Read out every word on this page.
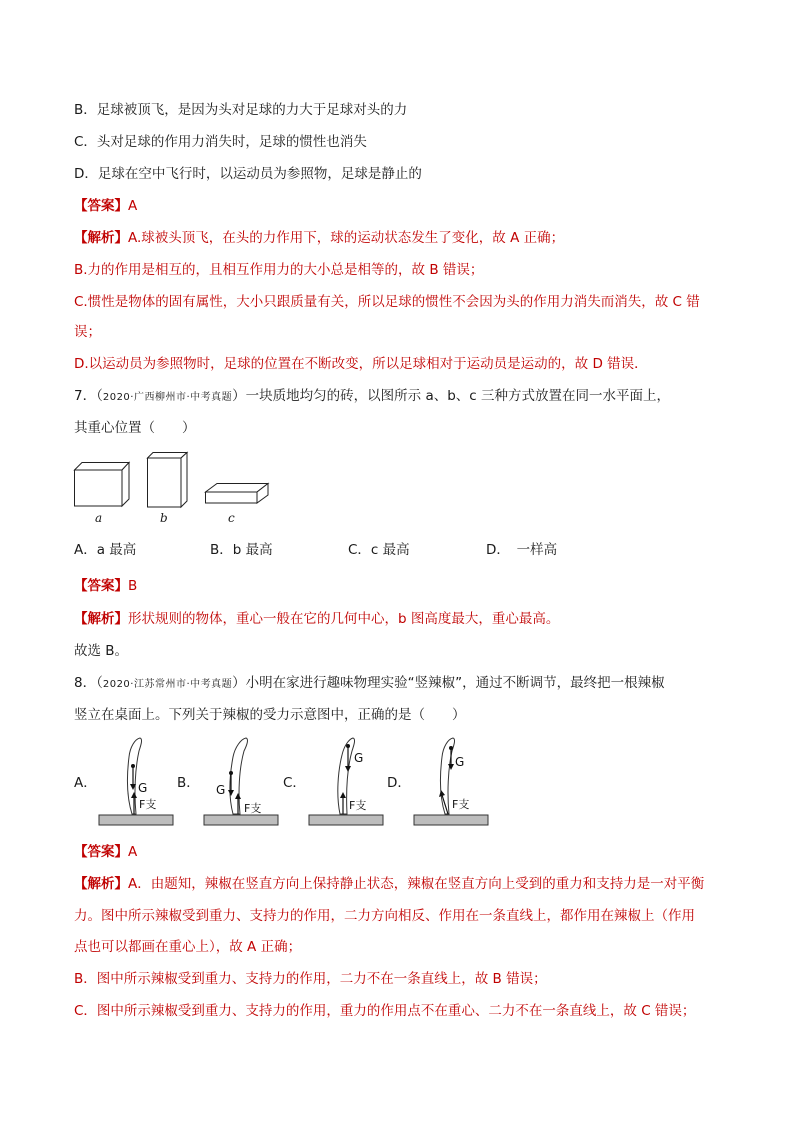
B．足球被顶飞，是因为头对足球的力大于足球对头的力
C．头对足球的作用力消失时，足球的惯性也消失
D．足球在空中飞行时，以运动员为参照物，足球是静止的
【答案】A
【解析】A.球被头顶飞，在头的力作用下，球的运动状态发生了变化，故 A 正确；
B.力的作用是相互的，且相互作用力的大小总是相等的，故 B 错误；
C.惯性是物体的固有属性，大小只跟质量有关，所以足球的惯性不会因为头的作用力消失而消失，故 C 错
误；
D.以运动员为参照物时，足球的位置在不断改变，所以足球相对于运动员是运动的，故 D 错误．
7．（2020·广西柳州市·中考真题）一块质地均匀的砖，以图所示 a、b、c 三种方式放置在同一水平面上，
其重心位置（　　）
a	b	c
A．a 最高	B．b 最高	C．c 最高	D．　一样高
【答案】B
【解析】形状规则的物体，重心一般在它的几何中心，b 图高度最大，重心最高。
故选 B。
8．（2020·江苏常州市·中考真题）小明在家进行趣味物理实验“竖辣椒”，通过不断调节，最终把一根辣椒
竖立在桌面上。下列关于辣椒的受力示意图中，正确的是（　　）
A．	B．	C．	D．
G
F支
G
F支
G
F支
G
F支
【答案】A
【解析】A．由题知，辣椒在竖直方向上保持静止状态，辣椒在竖直方向上受到的重力和支持力是一对平衡
力。图中所示辣椒受到重力、支持力的作用，二力方向相反、作用在一条直线上，都作用在辣椒上（作用
点也可以都画在重心上），故 A 正确；
B．图中所示辣椒受到重力、支持力的作用，二力不在一条直线上，故 B 错误；
C．图中所示辣椒受到重力、支持力的作用，重力的作用点不在重心、二力不在一条直线上，故 C 错误；
